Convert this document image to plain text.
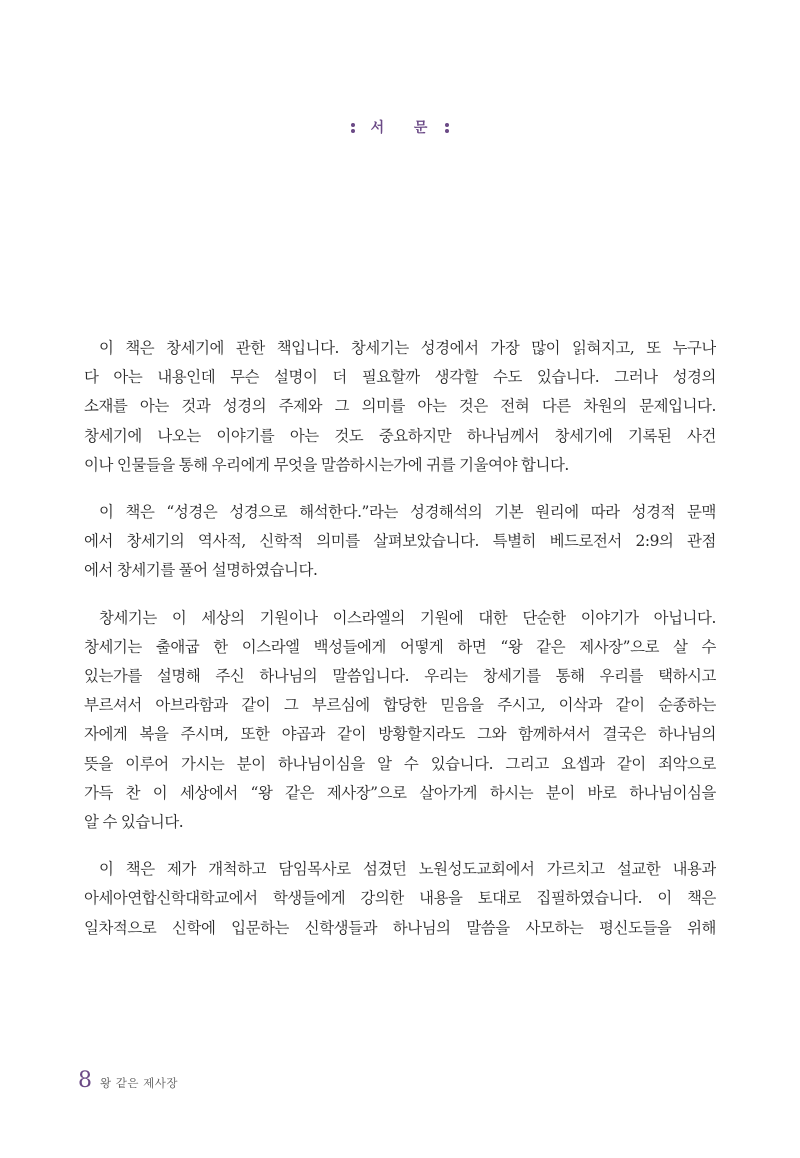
서 문

이 책은 창세기에 관한 책입니다. 창세기는 성경에서 가장 많이 읽혀지고, 또 누구나
다 아는 내용인데 무슨 설명이 더 필요할까 생각할 수도 있습니다. 그러나 성경의
소재를 아는 것과 성경의 주제와 그 의미를 아는 것은 전혀 다른 차원의 문제입니다.
창세기에 나오는 이야기를 아는 것도 중요하지만 하나님께서 창세기에 기록된 사건
이나 인물들을 통해 우리에게 무엇을 말씀하시는가에 귀를 기울여야 합니다.

이 책은 “성경은 성경으로 해석한다.”라는 성경해석의 기본 원리에 따라 성경적 문맥
에서 창세기의 역사적, 신학적 의미를 살펴보았습니다. 특별히 베드로전서 2:9의 관점
에서 창세기를 풀어 설명하였습니다.

창세기는 이 세상의 기원이나 이스라엘의 기원에 대한 단순한 이야기가 아닙니다.
창세기는 출애굽 한 이스라엘 백성들에게 어떻게 하면 “왕 같은 제사장”으로 살 수
있는가를 설명해 주신 하나님의 말씀입니다. 우리는 창세기를 통해 우리를 택하시고
부르셔서 아브라함과 같이 그 부르심에 합당한 믿음을 주시고, 이삭과 같이 순종하는
자에게 복을 주시며, 또한 야곱과 같이 방황할지라도 그와 함께하셔서 결국은 하나님의
뜻을 이루어 가시는 분이 하나님이심을 알 수 있습니다. 그리고 요셉과 같이 죄악으로
가득 찬 이 세상에서 “왕 같은 제사장”으로 살아가게 하시는 분이 바로 하나님이심을
알 수 있습니다.

이 책은 제가 개척하고 담임목사로 섬겼던 노원성도교회에서 가르치고 설교한 내용과
아세아연합신학대학교에서 학생들에게 강의한 내용을 토대로 집필하였습니다. 이 책은
일차적으로 신학에 입문하는 신학생들과 하나님의 말씀을 사모하는 평신도들을 위해

8 왕 같은 제사장
